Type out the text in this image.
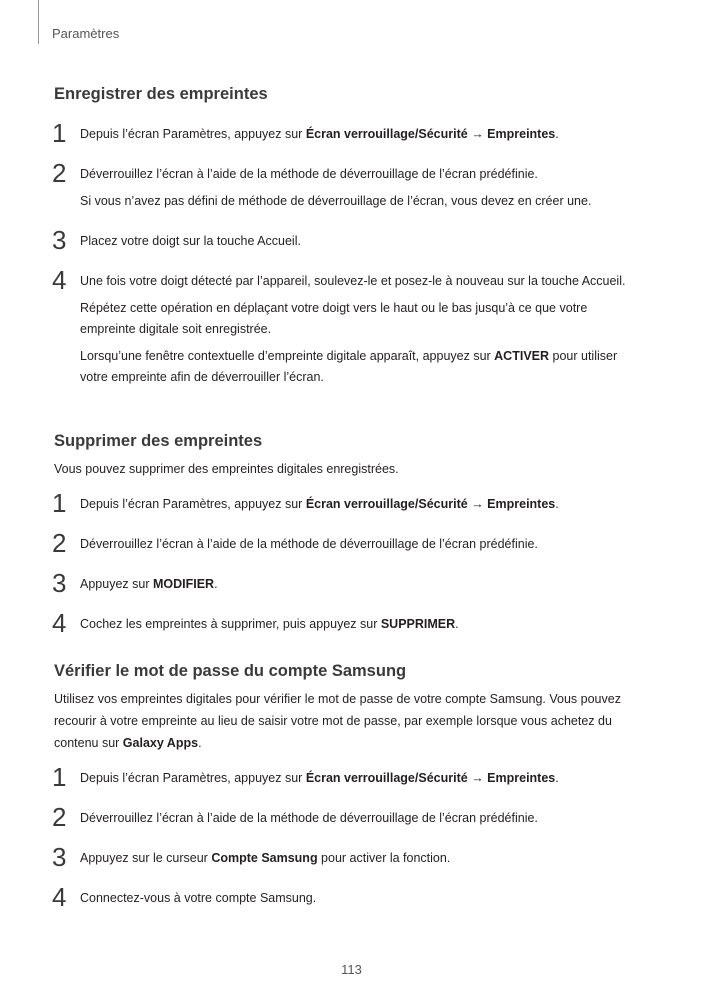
Paramètres
Enregistrer des empreintes
1 Depuis l’écran Paramètres, appuyez sur Écran verrouillage/Sécurité → Empreintes.
2 Déverrouillez l’écran à l’aide de la méthode de déverrouillage de l’écran prédéfinie.
Si vous n’avez pas défini de méthode de déverrouillage de l’écran, vous devez en créer une.
3 Placez votre doigt sur la touche Accueil.
4 Une fois votre doigt détecté par l’appareil, soulevez-le et posez-le à nouveau sur la touche Accueil.
Répétez cette opération en déplaçant votre doigt vers le haut ou le bas jusqu’à ce que votre empreinte digitale soit enregistrée.
Lorsqu’une fenêtre contextuelle d’empreinte digitale apparaît, appuyez sur ACTIVER pour utiliser votre empreinte afin de déverrouiller l’écran.
Supprimer des empreintes
Vous pouvez supprimer des empreintes digitales enregistrées.
1 Depuis l’écran Paramètres, appuyez sur Écran verrouillage/Sécurité → Empreintes.
2 Déverrouillez l’écran à l’aide de la méthode de déverrouillage de l’écran prédéfinie.
3 Appuyez sur MODIFIER.
4 Cochez les empreintes à supprimer, puis appuyez sur SUPPRIMER.
Vérifier le mot de passe du compte Samsung
Utilisez vos empreintes digitales pour vérifier le mot de passe de votre compte Samsung. Vous pouvez recourir à votre empreinte au lieu de saisir votre mot de passe, par exemple lorsque vous achetez du contenu sur Galaxy Apps.
1 Depuis l’écran Paramètres, appuyez sur Écran verrouillage/Sécurité → Empreintes.
2 Déverrouillez l’écran à l’aide de la méthode de déverrouillage de l’écran prédéfinie.
3 Appuyez sur le curseur Compte Samsung pour activer la fonction.
4 Connectez-vous à votre compte Samsung.
113
